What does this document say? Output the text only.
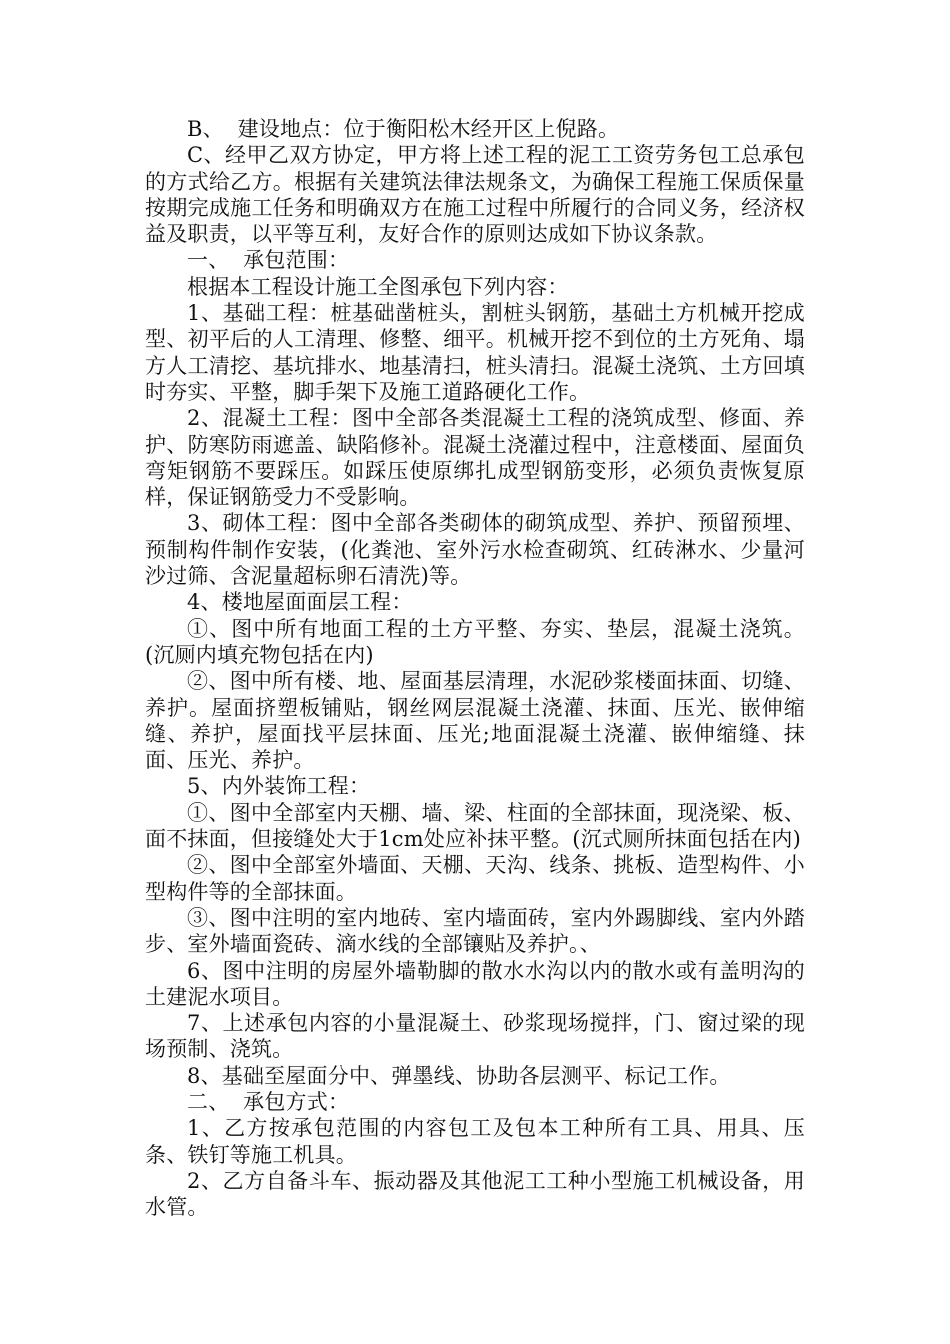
B、  建设地点：位于衡阳松木经开区上倪路。

C、经甲乙双方协定，甲方将上述工程的泥工工资劳务包工总承包的方式给乙方。根据有关建筑法律法规条文，为确保工程施工保质保量按期完成施工任务和明确双方在施工过程中所履行的合同义务，经济权益及职责，以平等互利，友好合作的原则达成如下协议条款。

一、  承包范围：

根据本工程设计施工全图承包下列内容：

1、基础工程：桩基础凿桩头，割桩头钢筋，基础土方机械开挖成型、初平后的人工清理、修整、细平。机械开挖不到位的土方死角、塌方人工清挖、基坑排水、地基清扫，桩头清扫。混凝土浇筑、土方回填时夯实、平整，脚手架下及施工道路硬化工作。

2、混凝土工程：图中全部各类混凝土工程的浇筑成型、修面、养护、防寒防雨遮盖、缺陷修补。混凝土浇灌过程中，注意楼面、屋面负弯矩钢筋不要踩压。如踩压使原绑扎成型钢筋变形，必须负责恢复原样，保证钢筋受力不受影响。

3、砌体工程：图中全部各类砌体的砌筑成型、养护、预留预埋、预制构件制作安装，(化粪池、室外污水检查砌筑、红砖淋水、少量河沙过筛、含泥量超标卵石清洗)等。

4、楼地屋面面层工程：

①、图中所有地面工程的土方平整、夯实、垫层，混凝土浇筑。(沉厕内填充物包括在内)

②、图中所有楼、地、屋面基层清理，水泥砂浆楼面抹面、切缝、养护。屋面挤塑板铺贴，钢丝网层混凝土浇灌、抹面、压光、嵌伸缩缝、养护，屋面找平层抹面、压光;地面混凝土浇灌、嵌伸缩缝、抹面、压光、养护。

5、内外装饰工程：

①、图中全部室内天棚、墙、梁、柱面的全部抹面，现浇梁、板、面不抹面，但接缝处大于1cm处应补抹平整。(沉式厕所抹面包括在内)

②、图中全部室外墙面、天棚、天沟、线条、挑板、造型构件、小型构件等的全部抹面。

③、图中注明的室内地砖、室内墙面砖，室内外踢脚线、室内外踏步、室外墙面瓷砖、滴水线的全部镶贴及养护。、

6、图中注明的房屋外墙勒脚的散水水沟以内的散水或有盖明沟的土建泥水项目。

7、上述承包内容的小量混凝土、砂浆现场搅拌，门、窗过梁的现场预制、浇筑。

8、基础至屋面分中、弹墨线、协助各层测平、标记工作。

二、  承包方式：

1、乙方按承包范围的内容包工及包本工种所有工具、用具、压条、铁钉等施工机具。

2、乙方自备斗车、振动器及其他泥工工种小型施工机械设备，用水管。
